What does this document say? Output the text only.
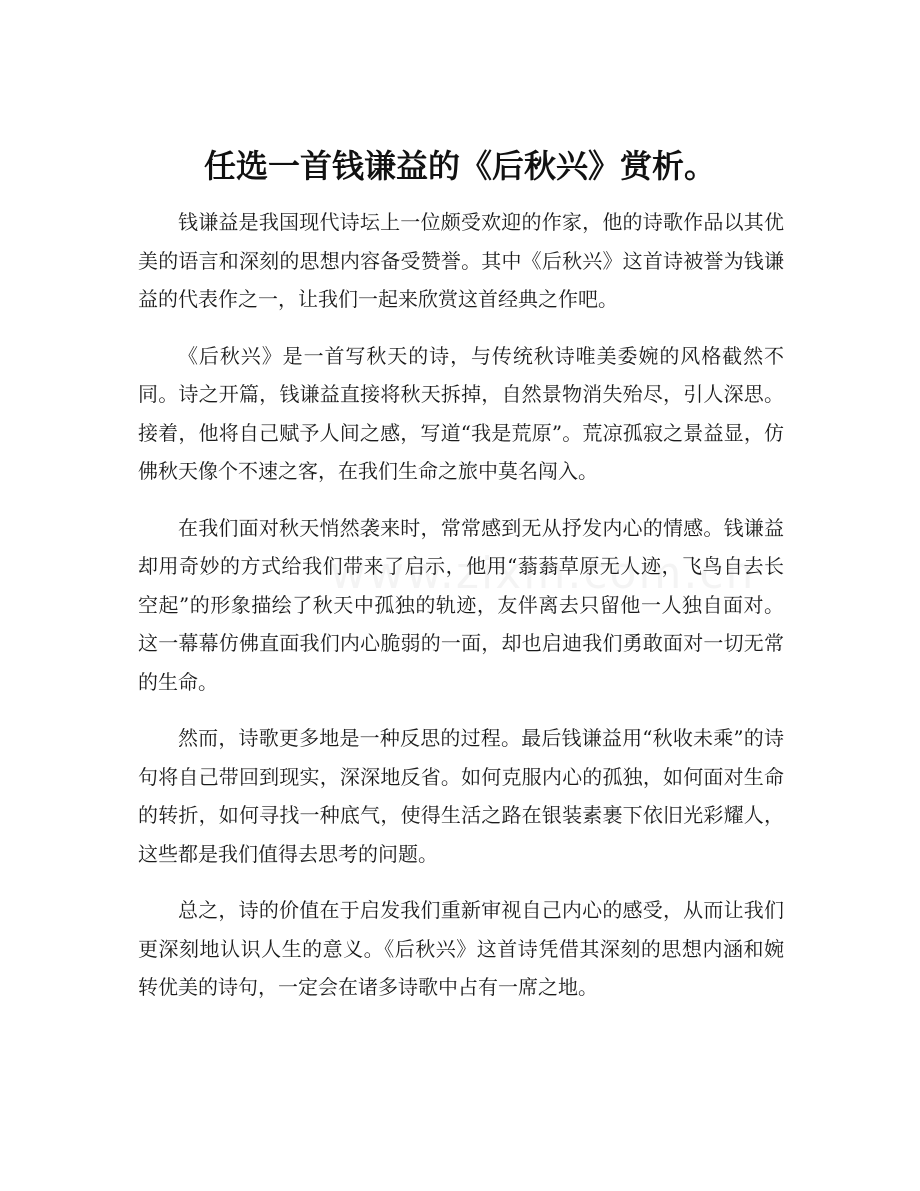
任选一首钱谦益的《后秋兴》赏析。

钱谦益是我国现代诗坛上一位颇受欢迎的作家，他的诗歌作品以其优美的语言和深刻的思想内容备受赞誉。其中《后秋兴》这首诗被誉为钱谦益的代表作之一，让我们一起来欣赏这首经典之作吧。

《后秋兴》是一首写秋天的诗，与传统秋诗唯美委婉的风格截然不同。诗之开篇，钱谦益直接将秋天拆掉，自然景物消失殆尽，引人深思。接着，他将自己赋予人间之感，写道“我是荒原”。荒凉孤寂之景益显，仿佛秋天像个不速之客，在我们生命之旅中莫名闯入。

在我们面对秋天悄然袭来时，常常感到无从抒发内心的情感。钱谦益却用奇妙的方式给我们带来了启示，他用“蓊蓊草原无人迹，飞鸟自去长空起”的形象描绘了秋天中孤独的轨迹，友伴离去只留他一人独自面对。这一幕幕仿佛直面我们内心脆弱的一面，却也启迪我们勇敢面对一切无常的生命。

然而，诗歌更多地是一种反思的过程。最后钱谦益用“秋收未乘”的诗句将自己带回到现实，深深地反省。如何克服内心的孤独，如何面对生命的转折，如何寻找一种底气，使得生活之路在银装素裹下依旧光彩耀人，这些都是我们值得去思考的问题。

总之，诗的价值在于启发我们重新审视自己内心的感受，从而让我们更深刻地认识人生的意义。《后秋兴》这首诗凭借其深刻的思想内涵和婉转优美的诗句，一定会在诸多诗歌中占有一席之地。
